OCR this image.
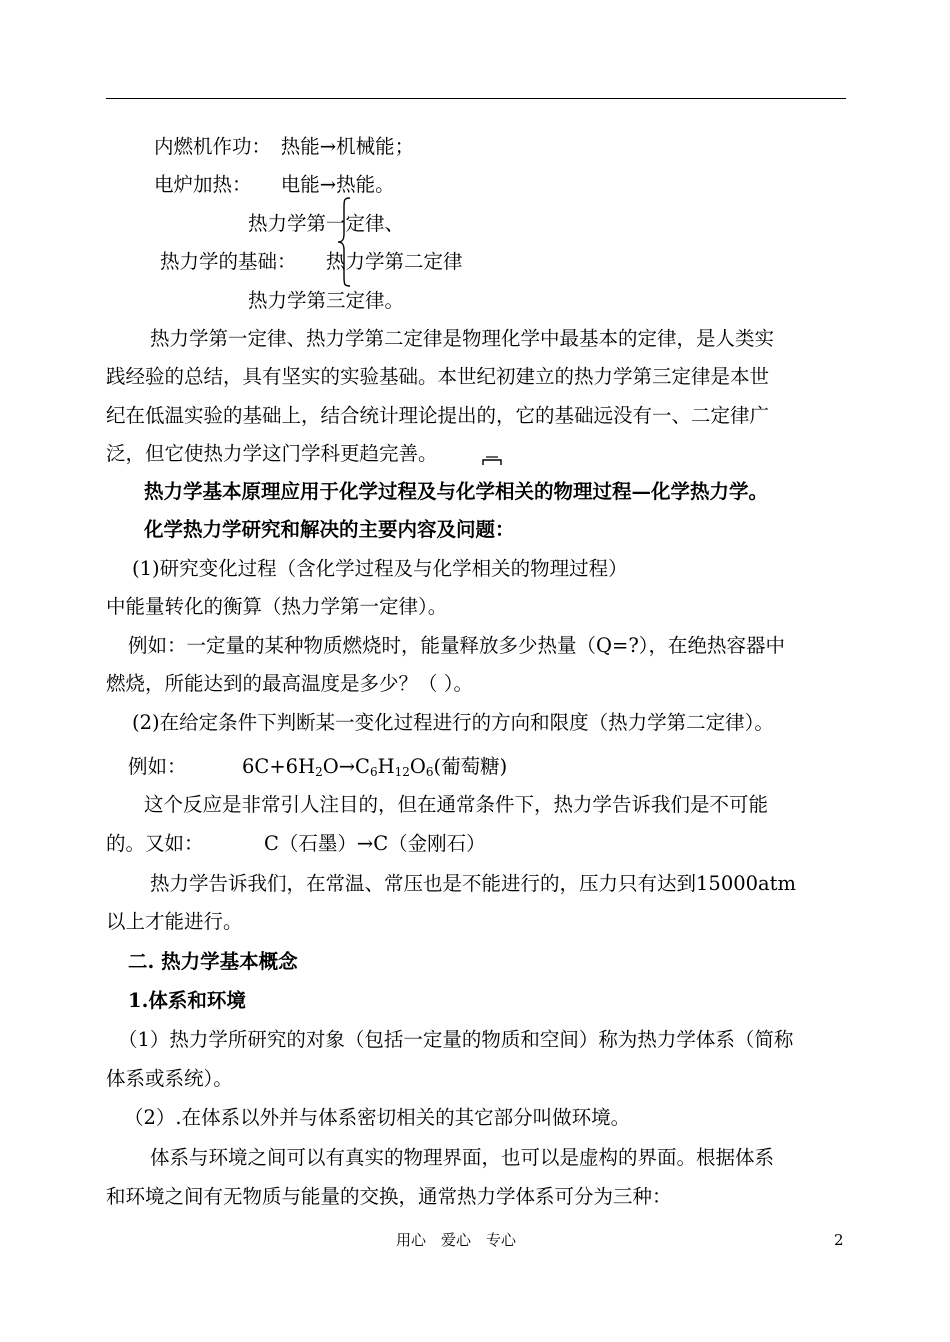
内燃机作功：　热能→机械能；
电炉加热：　　电能→热能。
热力学第一定律、
热力学的基础： 热力学第二定律
热力学第三定律。
热力学第一定律、热力学第二定律是物理化学中最基本的定律，是人类实
践经验的总结，具有坚实的实验基础。本世纪初建立的热力学第三定律是本世
纪在低温实验的基础上，结合统计理论提出的，它的基础远没有一、二定律广
泛，但它使热力学这门学科更趋完善。
热力学基本原理应用于化学过程及与化学相关的物理过程—化学热力学。
化学热力学研究和解决的主要内容及问题：
(1)研究变化过程（含化学过程及与化学相关的物理过程）
中能量转化的衡算（热力学第一定律）。
例如：一定量的某种物质燃烧时，能量释放多少热量（Q=?），在绝热容器中
燃烧，所能达到的最高温度是多少？（ ）。
(2)在给定条件下判断某一变化过程进行的方向和限度（热力学第二定律）。
例如：	$6C+6H_2O\to C_6H_{12}O_6$(葡萄糖)
这个反应是非常引人注目的，但在通常条件下，热力学告诉我们是不可能
的。又如：	C（石墨）→C（金刚石）
热力学告诉我们，在常温、常压也是不能进行的，压力只有达到15000atm
以上才能进行。
二. 热力学基本概念
1.体系和环境
（1）热力学所研究的对象（包括一定量的物质和空间）称为热力学体系（简称
体系或系统）。
（2）.在体系以外并与体系密切相关的其它部分叫做环境。
体系与环境之间可以有真实的物理界面，也可以是虚构的界面。根据体系
和环境之间有无物质与能量的交换，通常热力学体系可分为三种：
用心　爱心　专心	2
